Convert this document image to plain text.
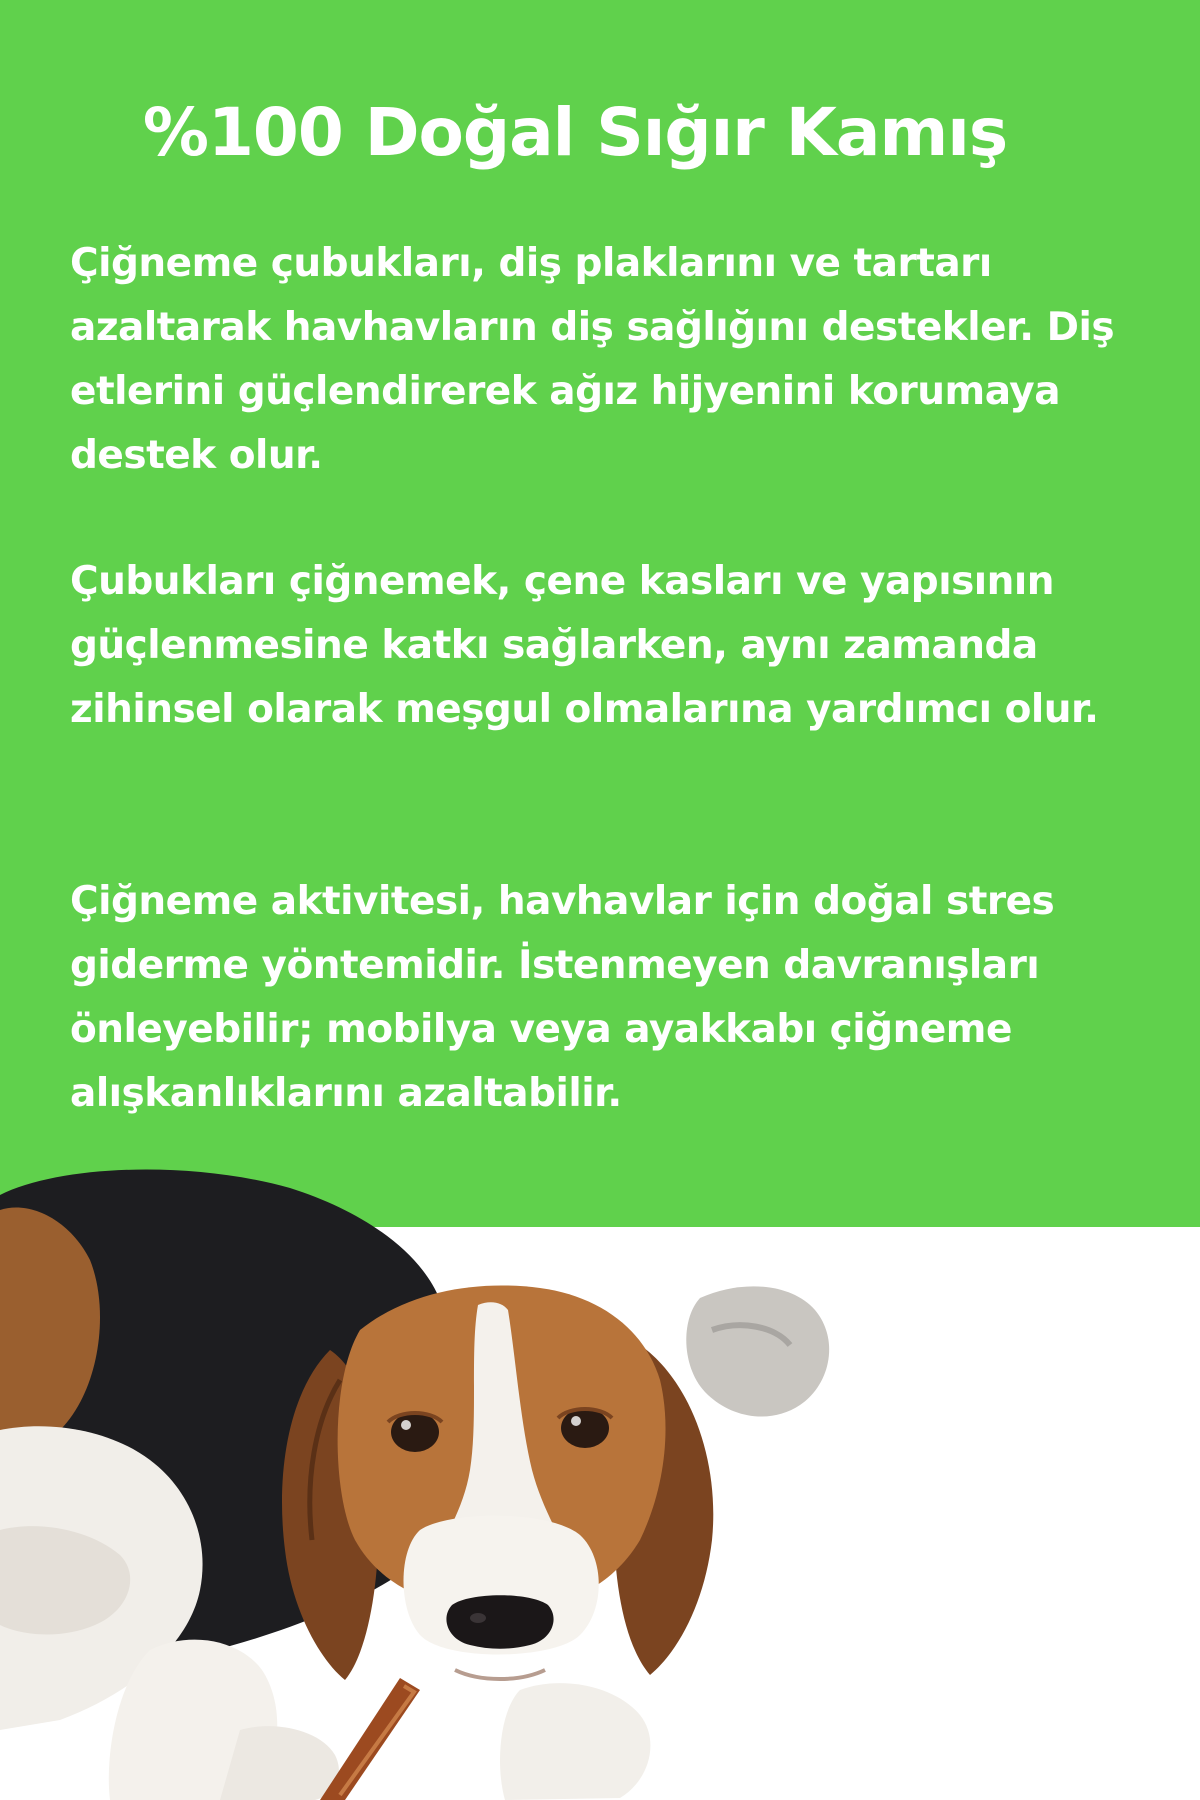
%100 Doğal Sığır Kamış

Çiğneme çubukları, diş plaklarını ve tartarı azaltarak havhavların diş sağlığını destekler. Diş etlerini güçlendirerek ağız hijyenini korumaya destek olur.

Çubukları çiğnemek, çene kasları ve yapısının güçlenmesine katkı sağlarken, aynı zamanda zihinsel olarak meşgul olmalarına yardımcı olur.

Çiğneme aktivitesi, havhavlar için doğal stres giderme yöntemidir. İstenmeyen davranışları önleyebilir; mobilya veya ayakkabı çiğneme alışkanlıklarını azaltabilir.
